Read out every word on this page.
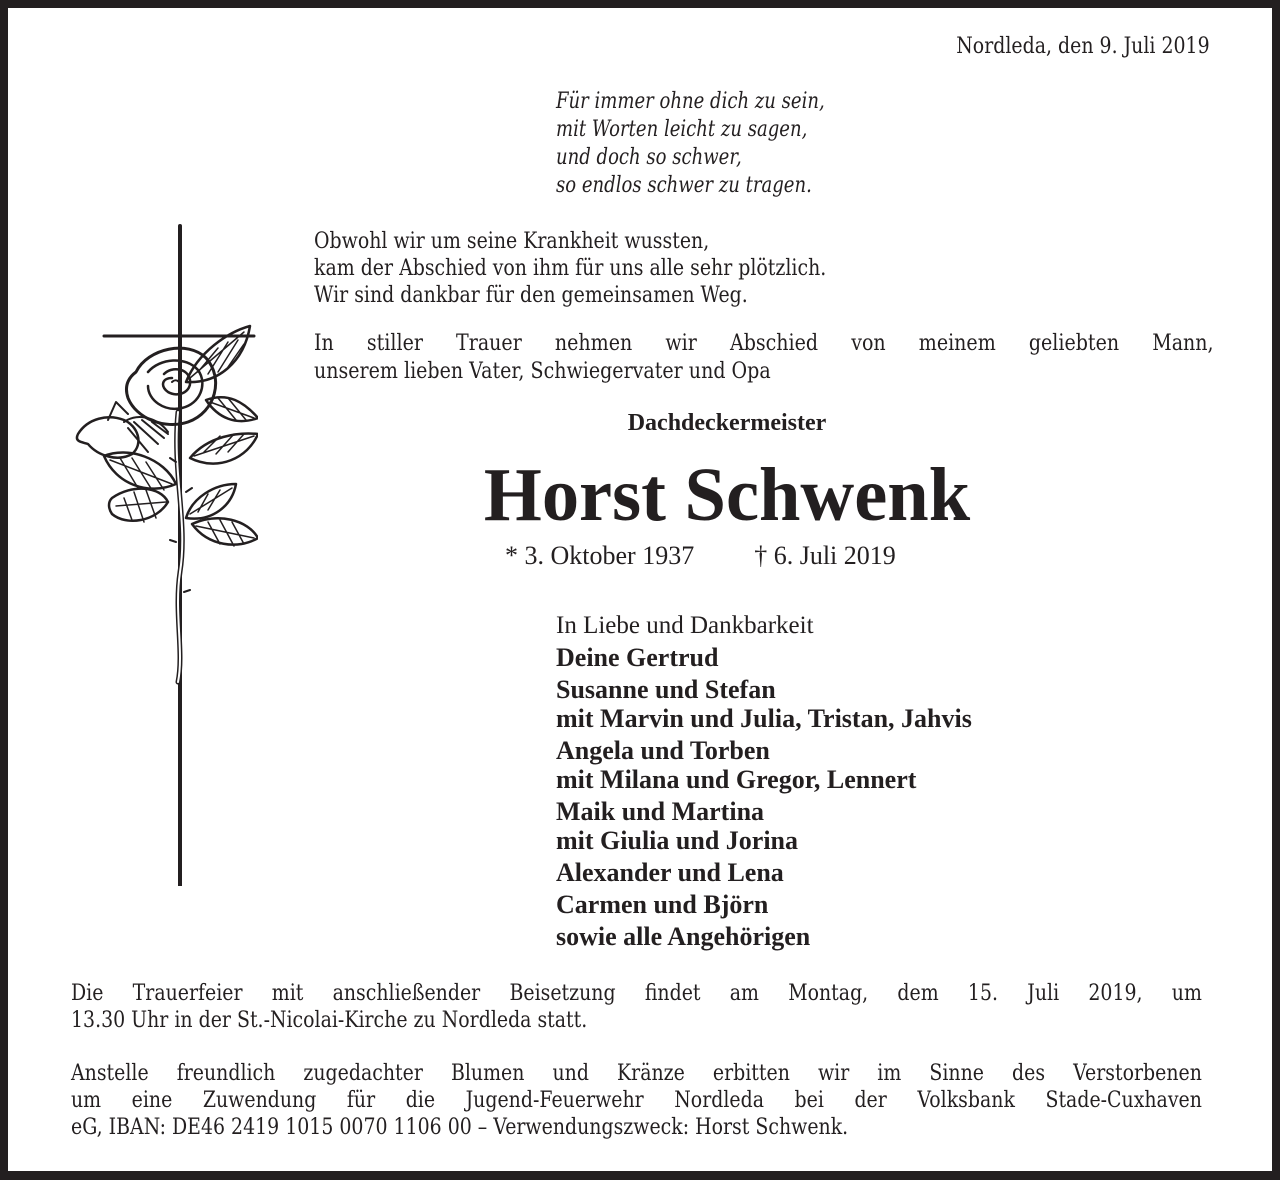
Nordleda, den 9. Juli 2019
Für immer ohne dich zu sein,
mit Worten leicht zu sagen,
und doch so schwer,
so endlos schwer zu tragen.
Obwohl wir um seine Krankheit wussten,
kam der Abschied von ihm für uns alle sehr plötzlich.
Wir sind dankbar für den gemeinsamen Weg.
In stiller Trauer nehmen wir Abschied von meinem geliebten Mann,
unserem lieben Vater, Schwiegervater und Opa
Dachdeckermeister
Horst Schwenk
* 3. Oktober 1937 † 6. Juli 2019
In Liebe und Dankbarkeit
Deine Gertrud
Susanne und Stefan
mit Marvin und Julia, Tristan, Jahvis
Angela und Torben
mit Milana und Gregor, Lennert
Maik und Martina
mit Giulia und Jorina
Alexander und Lena
Carmen und Björn
sowie alle Angehörigen
Die Trauerfeier mit anschließender Beisetzung findet am Montag, dem 15. Juli 2019, um
13.30 Uhr in der St.-Nicolai-Kirche zu Nordleda statt.
Anstelle freundlich zugedachter Blumen und Kränze erbitten wir im Sinne des Verstorbenen
um eine Zuwendung für die Jugend-Feuerwehr Nordleda bei der Volksbank Stade-Cuxhaven
eG, IBAN: DE46 2419 1015 0070 1106 00 – Verwendungszweck: Horst Schwenk.
